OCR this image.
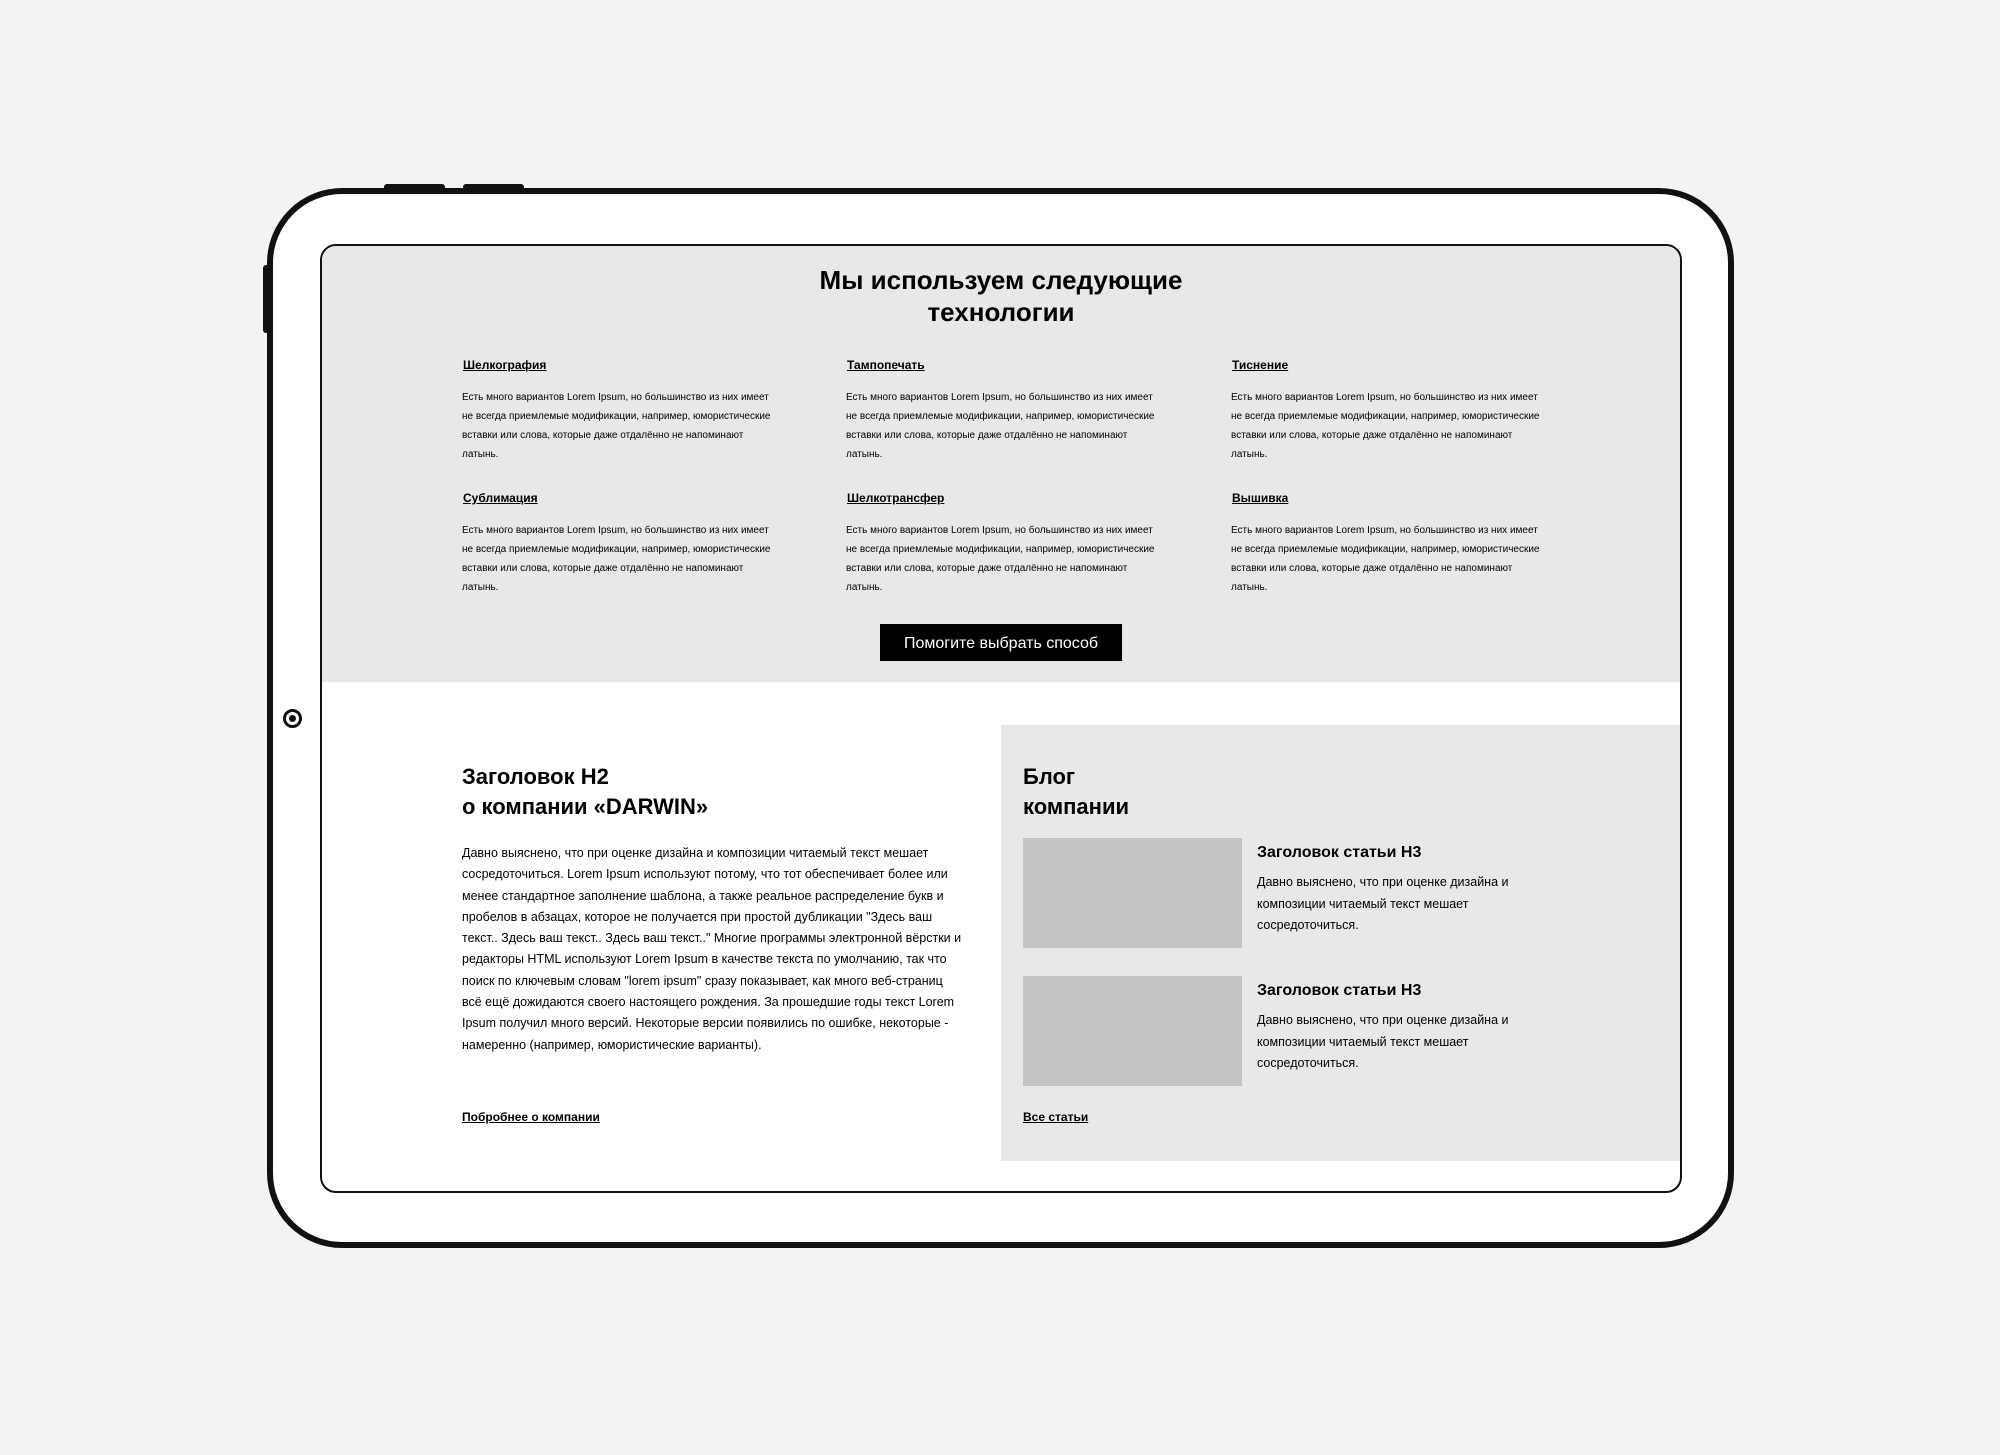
Мы используем следующие
технологии
Шелкография
Есть много вариантов Lorem Ipsum, но большинство из них имеет не всегда приемлемые модификации, например, юмористические вставки или слова, которые даже отдалённо не напоминают латынь.
Тампопечать
Есть много вариантов Lorem Ipsum, но большинство из них имеет не всегда приемлемые модификации, например, юмористические вставки или слова, которые даже отдалённо не напоминают латынь.
Тиснение
Есть много вариантов Lorem Ipsum, но большинство из них имеет не всегда приемлемые модификации, например, юмористические вставки или слова, которые даже отдалённо не напоминают латынь.
Сублимация
Есть много вариантов Lorem Ipsum, но большинство из них имеет не всегда приемлемые модификации, например, юмористические вставки или слова, которые даже отдалённо не напоминают латынь.
Шелкотрансфер
Есть много вариантов Lorem Ipsum, но большинство из них имеет не всегда приемлемые модификации, например, юмористические вставки или слова, которые даже отдалённо не напоминают латынь.
Вышивка
Есть много вариантов Lorem Ipsum, но большинство из них имеет не всегда приемлемые модификации, например, юмористические вставки или слова, которые даже отдалённо не напоминают латынь.
Помогите выбрать способ
Заголовок H2
о компании «DARWIN»
Давно выяснено, что при оценке дизайна и композиции читаемый текст мешает сосредоточиться. Lorem Ipsum используют потому, что тот обеспечивает более или менее стандартное заполнение шаблона, а также реальное распределение букв и пробелов в абзацах, которое не получается при простой дубликации "Здесь ваш текст.. Здесь ваш текст.. Здесь ваш текст.." Многие программы электронной вёрстки и редакторы HTML используют Lorem Ipsum в качестве текста по умолчанию, так что поиск по ключевым словам "lorem ipsum" сразу показывает, как много веб-страниц всё ещё дожидаются своего настоящего рождения. За прошедшие годы текст Lorem Ipsum получил много версий. Некоторые версии появились по ошибке, некоторые - намеренно (например, юмористические варианты).
Побробнее о компании
Блог
компании
Заголовок статьи H3
Давно выяснено, что при оценке дизайна и композиции читаемый текст мешает сосредоточиться.
Заголовок статьи H3
Давно выяснено, что при оценке дизайна и композиции читаемый текст мешает сосредоточиться.
Все статьи
